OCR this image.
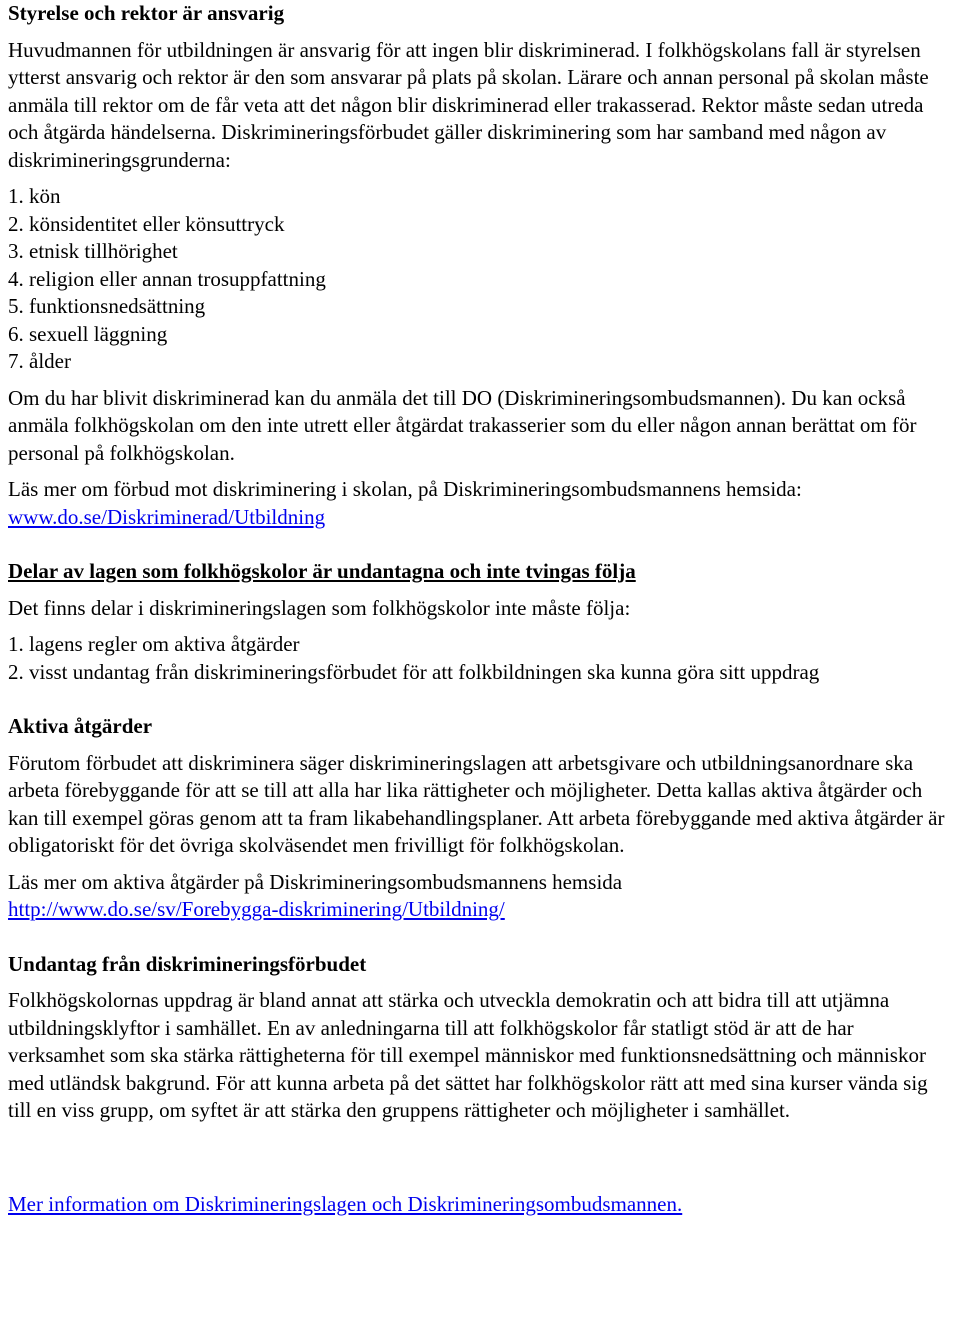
Styrelse och rektor är ansvarig

Huvudmannen för utbildningen är ansvarig för att ingen blir diskriminerad. I folkhögskolans fall är styrelsen ytterst ansvarig och rektor är den som ansvarar på plats på skolan. Lärare och annan personal på skolan måste anmäla till rektor om de får veta att det någon blir diskriminerad eller trakasserad. Rektor måste sedan utreda och åtgärda händelserna. Diskrimineringsförbudet gäller diskriminering som har samband med någon av diskrimineringsgrunderna:

1. kön
2. könsidentitet eller könsuttryck
3. etnisk tillhörighet
4. religion eller annan trosuppfattning
5. funktionsnedsättning
6. sexuell läggning
7. ålder

Om du har blivit diskriminerad kan du anmäla det till DO (Diskrimineringsombudsmannen). Du kan också anmäla folkhögskolan om den inte utrett eller åtgärdat trakasserier som du eller någon annan berättat om för personal på folkhögskolan.

Läs mer om förbud mot diskriminering i skolan, på Diskrimineringsombudsmannens hemsida:
www.do.se/Diskriminerad/Utbildning

Delar av lagen som folkhögskolor är undantagna och inte tvingas följa

Det finns delar i diskrimineringslagen som folkhögskolor inte måste följa:

1. lagens regler om aktiva åtgärder
2. visst undantag från diskrimineringsförbudet för att folkbildningen ska kunna göra sitt uppdrag
Aktiva åtgärder

Förutom förbudet att diskriminera säger diskrimineringslagen att arbetsgivare och utbildningsanordnare ska arbeta förebyggande för att se till att alla har lika rättigheter och möjligheter. Detta kallas aktiva åtgärder och kan till exempel göras genom att ta fram likabehandlingsplaner. Att arbeta förebyggande med aktiva åtgärder är obligatoriskt för det övriga skolväsendet men frivilligt för folkhögskolan.

Läs mer om aktiva åtgärder på Diskrimineringsombudsmannens hemsida
http://www.do.se/sv/Forebygga-diskriminering/Utbildning/

Undantag från diskrimineringsförbudet

Folkhögskolornas uppdrag är bland annat att stärka och utveckla demokratin och att bidra till att utjämna utbildningsklyftor i samhället. En av anledningarna till att folkhögskolor får statligt stöd är att de har verksamhet som ska stärka rättigheterna för till exempel människor med funktionsnedsättning och människor med utländsk bakgrund. För att kunna arbeta på det sättet har folkhögskolor rätt att med sina kurser vända sig till en viss grupp, om syftet är att stärka den gruppens rättigheter och möjligheter i samhället.

Mer information om Diskrimineringslagen och Diskrimineringsombudsmannen.
